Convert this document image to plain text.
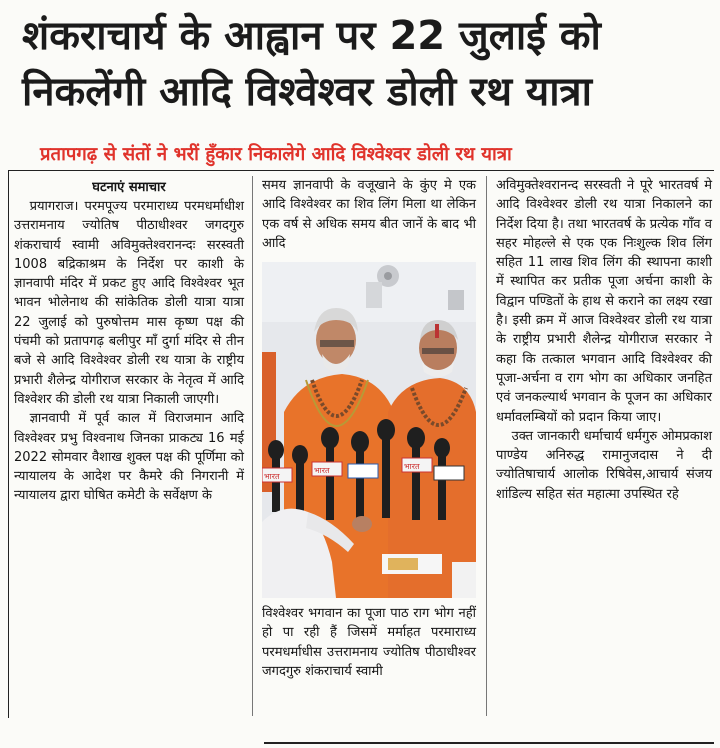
शंकराचार्य के आह्वान पर 22 जुलाई को
निकलेंगी आदि विश्वेश्वर डोली रथ यात्रा
प्रतापगढ़ से संतों ने भरीं हुँकार निकालेगे आदि विश्वेश्वर डोली रथ यात्रा

घटनाएं समाचार

प्रयागराज। परमपूज्य परमाराध्य परमधर्माधीश उत्तरामनाय ज्योतिष पीठाधीश्वर जगदगुरु शंकराचार्य स्वामी अविमुक्तेश्वरानन्दः सरस्वती 1008 बद्रिकाश्रम के निर्देश पर काशी के ज्ञानवापी मंदिर में प्रकट हुए आदि विश्वेश्वर भूत भावन भोलेनाथ की सांकेतिक डोली यात्रा यात्रा 22 जुलाई को पुरुषोत्तम मास कृष्ण पक्ष की पंचमी को प्रतापगढ़ बलीपुर माँ दुर्गा मंदिर से तीन बजे से आदि विश्वेश्वर डोली रथ यात्रा के राष्ट्रीय प्रभारी शैलेन्द्र योगीराज सरकार के नेतृत्व में आदि विश्वेशर की डोली रथ यात्रा निकाली जाएगी।

ज्ञानवापी में पूर्व काल में विराजमान आदि विश्वेश्वर प्रभु विश्वनाथ जिनका प्राकट्य 16 मई 2022 सोमवार वैशाख शुक्ल पक्ष की पूर्णिमा को न्यायालय के आदेश पर कैमरे की निगरानी में न्यायालय द्वारा घोषित कमेटी के सर्वेक्षण के

समय ज्ञानवापी के वजूखाने के कुंए मे एक आदि विश्वेश्वर का शिव लिंग मिला था लेकिन एक वर्ष से अधिक समय बीत जानें के बाद भी आदि

भारत
भारत	भारत

विश्वेश्वर भगवान का पूजा पाठ राग भोग नहीं हो पा रही हैं जिसमें मर्माहत परमाराध्य परमधर्माधीस उत्तरामनाय ज्योतिष पीठाधीश्वर जगदगुरु शंकराचार्य स्वामी

अविमुक्तेश्वरानन्द सरस्वती ने पूरे भारतवर्ष मे आदि विश्वेश्वर डोली रथ यात्रा निकालने का निर्देश दिया है। तथा भारतवर्ष के प्रत्येक गाँव व सहर मोहल्ले से एक एक निःशुल्क शिव लिंग सहित 11 लाख शिव लिंग की स्थापना काशी में स्थापित कर प्रतीक पूजा अर्चना काशी के विद्वान पण्डितों के हाथ से कराने का लक्ष्य रखा है। इसी क्रम में आज विश्वेश्वर डोली रथ यात्रा के राष्ट्रीय प्रभारी शैलेन्द्र योगीराज सरकार ने कहा कि तत्काल भगवान आदि विश्वेश्वर की पूजा-अर्चना व राग भोग का अधिकार जनहित एवं जनकल्यार्थ भगवान के पूजन का अधिकार धर्मावलम्बियों को प्रदान किया जाए।

उक्त जानकारी धर्माचार्य धर्मगुरु ओमप्रकाश पाण्डेय अनिरुद्ध रामानुजदास ने दी ज्योतिषाचार्य आलोक रिषिवेस,आचार्य संजय शांडिल्य सहित संत महात्मा उपस्थित रहे
